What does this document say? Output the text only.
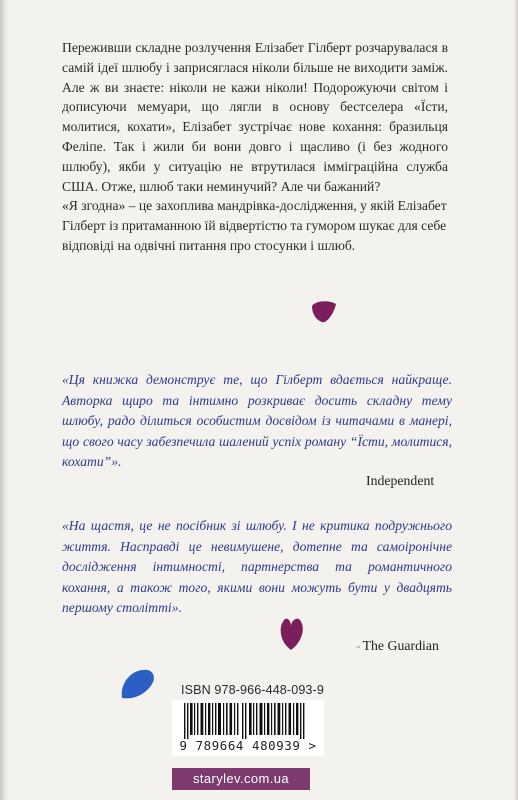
Переживши складне розлучення Елізабет Гілберт розчарувалася в самій ідеї шлюбу і заприсяглася ніколи більше не виходити заміж. Але ж ви знаєте: ніколи не кажи ніколи! Подорожуючи світом і дописуючи мемуари, що лягли в основу бестселера «Їсти, молитися, кохати», Елізабет зустрічає нове кохання: бразильця Феліпе. Так і жили би вони довго і щасливо (і без жодного шлюбу), якби у ситуацію не втрутилася імміграційна служба США. Отже, шлюб таки неминучий? Але чи бажаний?

«Я згодна» – це захоплива мандрівка-дослідження, у якій Елізабет Гілберт із притаманною їй відвертістю та гумором шукає для себе відповіді на одвічні питання про стосунки і шлюб.

«Ця книжка демонструє те, що Гілберт вдається найкраще. Авторка щиро та інтимно розкриває досить складну тему шлюбу, радо ділиться особистим досвідом із читачами в манері, що свого часу забезпечила шалений успіх роману “Їсти, молитися, кохати”».

Independent

«На щастя, це не посібник зі шлюбу. І не критика подружнього життя. Насправді це невимушене, дотепне та самоіронічне дослідження інтимності, партнерства та романтичного кохання, а також того, якими вони можуть бути у двадцять першому столітті».

- The Guardian
ISBN 978-966-448-093-9
9 789664 480939 >
starylev.com.ua
